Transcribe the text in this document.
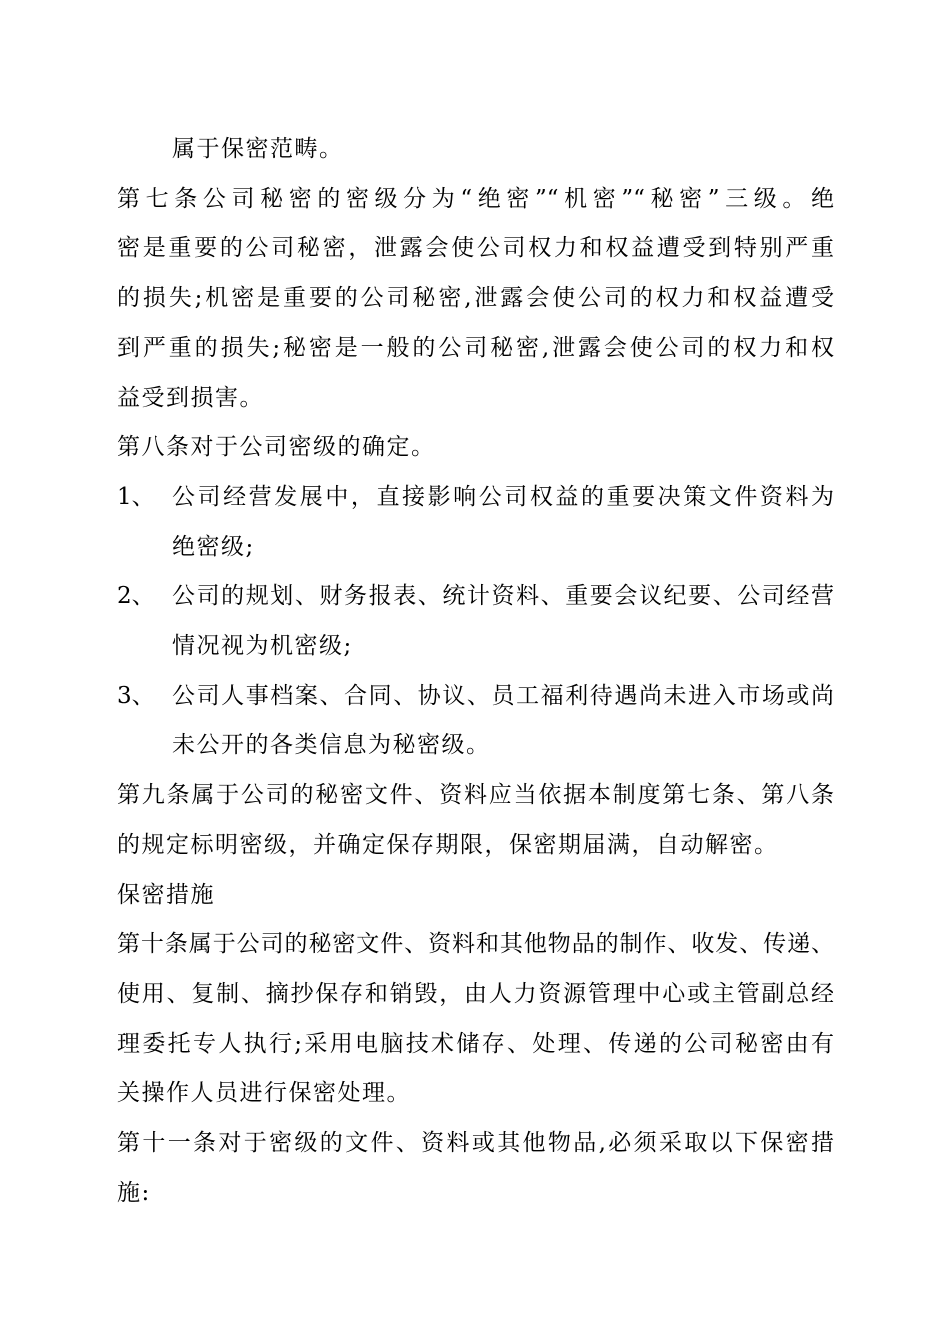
属于保密范畴。
第七条公司秘密的密级分为“绝密”“机密”“秘密”三级。绝
密是重要的公司秘密，泄露会使公司权力和权益遭受到特别严重
的损失;机密是重要的公司秘密,泄露会使公司的权力和权益遭受
到严重的损失;秘密是一般的公司秘密,泄露会使公司的权力和权
益受到损害。
第八条对于公司密级的确定。
1、 公司经营发展中，直接影响公司权益的重要决策文件资料为
绝密级;
2、 公司的规划、财务报表、统计资料、重要会议纪要、公司经营
情况视为机密级;
3、 公司人事档案、合同、协议、员工福利待遇尚未进入市场或尚
未公开的各类信息为秘密级。
第九条属于公司的秘密文件、资料应当依据本制度第七条、第八条
的规定标明密级，并确定保存期限，保密期届满，自动解密。
保密措施
第十条属于公司的秘密文件、资料和其他物品的制作、收发、传递、
使用、复制、摘抄保存和销毁，由人力资源管理中心或主管副总经
理委托专人执行;采用电脑技术储存、处理、传递的公司秘密由有
关操作人员进行保密处理。
第十一条对于密级的文件、资料或其他物品,必须采取以下保密措
施:
